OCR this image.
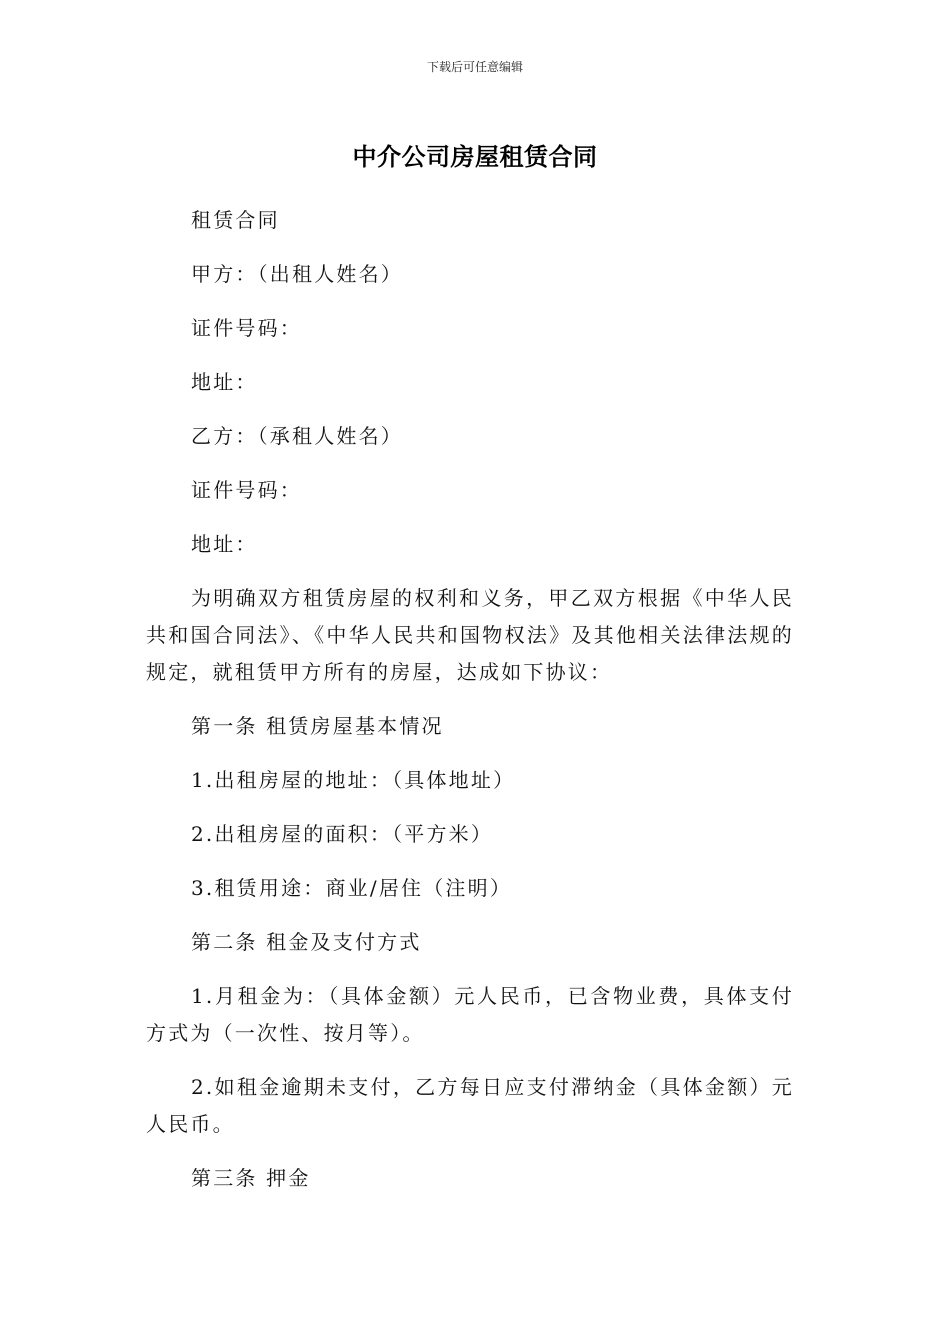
下载后可任意编辑
中介公司房屋租赁合同

租赁合同

甲方：（出租人姓名）

证件号码：

地址：

乙方：（承租人姓名）

证件号码：

地址：

为明确双方租赁房屋的权利和义务，甲乙双方根据《中华人民共和国合同法》、《中华人民共和国物权法》及其他相关法律法规的规定，就租赁甲方所有的房屋，达成如下协议：

第一条 租赁房屋基本情况

1.出租房屋的地址：（具体地址）

2.出租房屋的面积：（平方米）

3.租赁用途：商业/居住（注明）

第二条 租金及支付方式

1.月租金为：（具体金额）元人民币，已含物业费，具体支付方式为（一次性、按月等）。

2.如租金逾期未支付，乙方每日应支付滞纳金（具体金额）元人民币。

第三条 押金
